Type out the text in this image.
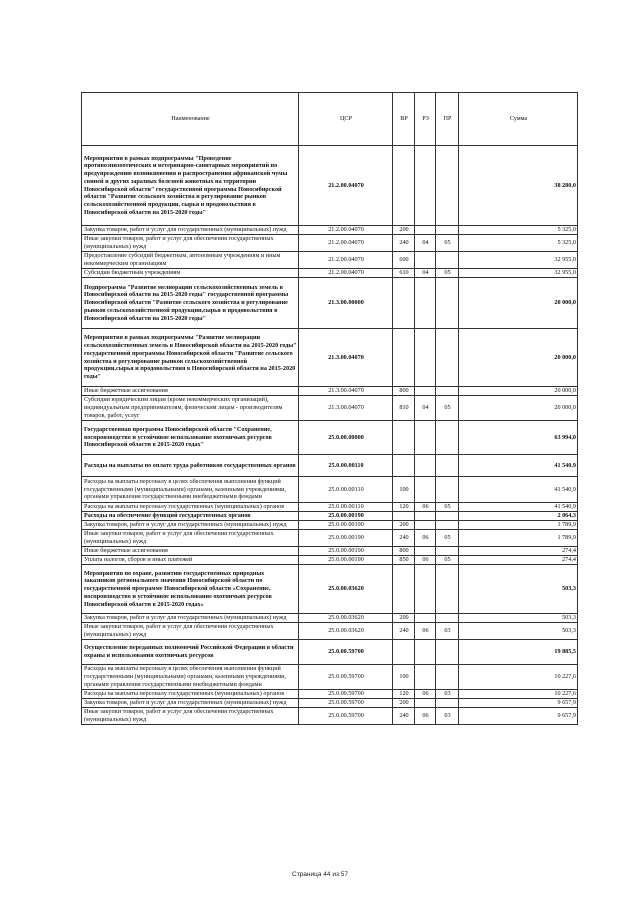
Наименование	ЦСР	ВР	РЗ	ПР	Сумма
Мероприятия в рамках подпрограммы "Проведение противоэпизоотических и ветеринарно-санитарных мероприятий по предупреждению возникновения и распространения африканской чумы свиней и других заразных болезней животных на территории Новосибирской области" государственной программы Новосибирской области "Развитие сельского хозяйства и регулирование рынков сельскохозяйственной продукции, сырья и продовольствия в Новосибирской области на 2015-2020 годы"	21.2.00.04070				38 280,0
Закупка товаров, работ и услуг для государственных (муниципальных) нужд	21.2.00.04070	200			5 325,0
Иные закупки товаров, работ и услуг для обеспечения государственных (муниципальных) нужд	21.2.00.04070	240	04	05	5 325,0
Предоставление субсидий бюджетным, автономным учреждениям и иным некоммерческим организациям	21.2.00.04070	600			32 955,0
Субсидии бюджетным учреждениям	21.2.00.04070	610	04	05	32 955,0
Подпрограмма "Развитие мелиорации сельскохозяйственных земель в Новосибирской области на 2015-2020 годы" государственной программы Новосибирской области "Развитие сельского хозяйства и регулирование рынков сельскохозяйственной продукции,сырья и продовольствия в Новосибирской области на 2015-2020 годы"	21.3.00.00000				20 000,0
Мероприятия в рамках подпрограммы "Развитие мелиорации сельскохозяйственных земель в Новосибирской области на 2015-2020 годы" государственной программы Новосибирской области "Развитие сельского хозяйства и регулирование рынков сельскохозяйственной продукции,сырья и продовольствия в Новосибирской области на 2015-2020 годы"	21.3.00.04070				20 000,0
Иные бюджетные ассигнования	21.3.00.04070	800			20 000,0
Субсидии юридическим лицам (кроме некоммерческих организаций), индивидуальным предпринимателям, физическим лицам - производителям товаров, работ, услуг	21.3.00.04070	810	04	05	20 000,0
Государственная программа Новосибирской области "Сохранение, воспроизводство и устойчивое использование охотничьих ресурсов Новосибирской области в 2015-2020 годах"	25.0.00.00000				63 994,0
Расходы на выплаты по оплате труда работников государственных органов	25.0.00.00110				41 540,9
Расходы на выплаты персоналу в целях обеспечения выполнения функций государственными (муниципальными) органами, казенными учреждениями, органами управления государственными внебюджетными фондами	25.0.00.00110	100			41 540,9
Расходы на выплаты персоналу государственных (муниципальных) органов	25.0.00.00110	120	06	05	41 540,9
Расходы на обеспечение функций государственных органов	25.0.00.00190				2 064,3
Закупка товаров, работ и услуг для государственных (муниципальных) нужд	25.0.00.00190	200			1 789,9
Иные закупки товаров, работ и услуг для обеспечения государственных (муниципальных) нужд	25.0.00.00190	240	06	05	1 789,9
Иные бюджетные ассигнования	25.0.00.00190	800			274,4
Уплата налогов, сборов и иных платежей	25.0.00.00190	850	06	05	274,4
Мероприятия по охране, развитию государственных природных заказников регионального значения Новосибирской области по государственной программе Новосибирской области «Сохранение, воспроизводство и устойчивое использование охотничьих ресурсов Новосибирской области в 2015-2020 годах»	25.0.00.03620				503,3
Закупка товаров, работ и услуг для государственных (муниципальных) нужд	25.0.00.03620	200			503,3
Иные закупки товаров, работ и услуг для обеспечения государственных (муниципальных) нужд	25.0.00.03620	240	06	03	503,3
Осуществление переданных полномочий Российской Федерации в области охраны и использования охотничьих ресурсов	25.0.00.59700				19 885,5
Расходы на выплаты персоналу в целях обеспечения выполнения функций государственными (муниципальными) органами, казенными учреждениями, органами управления государственными внебюджетными фондами	25.0.00.59700	100			10 227,6
Расходы на выплаты персоналу государственных (муниципальных) органов	25.0.00.59700	120	06	03	10 227,6
Закупка товаров, работ и услуг для государственных (муниципальных) нужд	25.0.00.59700	200			9 657,9
Иные закупки товаров, работ и услуг для обеспечения государственных (муниципальных) нужд	25.0.00.59700	240	06	03	9 657,9
Страница 44 из 57
